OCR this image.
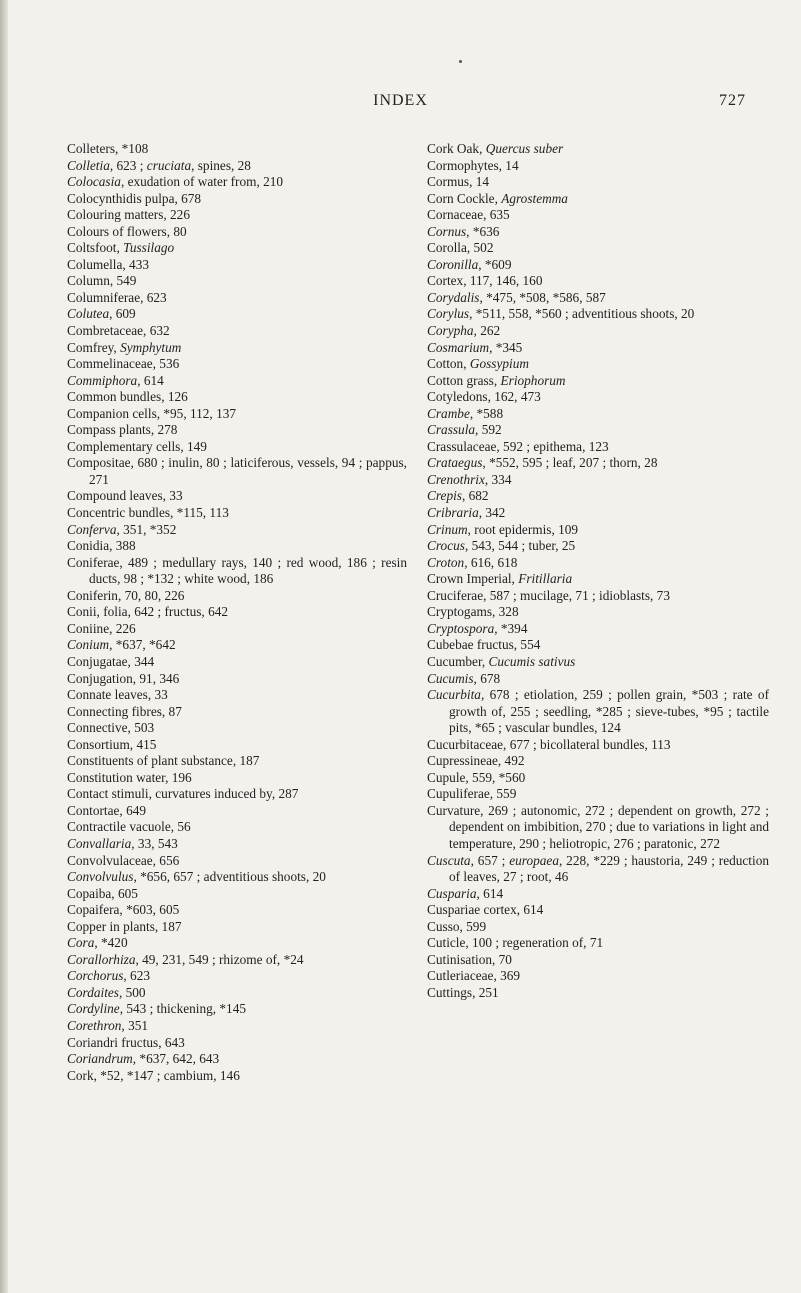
INDEX	727
Colleters, *108
Colletia, 623 ; cruciata, spines, 28
Colocasia, exudation of water from, 210
Colocynthidis pulpa, 678
Colouring matters, 226
Colours of flowers, 80
Coltsfoot, Tussilago
Columella, 433
Column, 549
Columniferae, 623
Colutea, 609
Combretaceae, 632
Comfrey, Symphytum
Commelinaceae, 536
Commiphora, 614
Common bundles, 126
Companion cells, *95, 112, 137
Compass plants, 278
Complementary cells, 149
Compositae, 680 ; inulin, 80 ; laticiferous, vessels, 94 ; pappus, 271
Compound leaves, 33
Concentric bundles, *115, 113
Conferva, 351, *352
Conidia, 388
Coniferae, 489 ; medullary rays, 140 ; red wood, 186 ; resin ducts, 98 ; *132 ; white wood, 186
Coniferin, 70, 80, 226
Conii, folia, 642 ; fructus, 642
Coniine, 226
Conium, *637, *642
Conjugatae, 344
Conjugation, 91, 346
Connate leaves, 33
Connecting fibres, 87
Connective, 503
Consortium, 415
Constituents of plant substance, 187
Constitution water, 196
Contact stimuli, curvatures induced by, 287
Contortae, 649
Contractile vacuole, 56
Convallaria, 33, 543
Convolvulaceae, 656
Convolvulus, *656, 657 ; adventitious shoots, 20
Copaiba, 605
Copaifera, *603, 605
Copper in plants, 187
Cora, *420
Corallorhiza, 49, 231, 549 ; rhizome of, *24
Corchorus, 623
Cordaites, 500
Cordyline, 543 ; thickening, *145
Corethron, 351
Coriandri fructus, 643
Coriandrum, *637, 642, 643
Cork, *52, *147 ; cambium, 146
Cork Oak, Quercus suber
Cormophytes, 14
Cormus, 14
Corn Cockle, Agrostemma
Cornaceae, 635
Cornus, *636
Corolla, 502
Coronilla, *609
Cortex, 117, 146, 160
Corydalis, *475, *508, *586, 587
Corylus, *511, 558, *560 ; adventitious shoots, 20
Corypha, 262
Cosmarium, *345
Cotton, Gossypium
Cotton grass, Eriophorum
Cotyledons, 162, 473
Crambe, *588
Crassula, 592
Crassulaceae, 592 ; epithema, 123
Crataegus, *552, 595 ; leaf, 207 ; thorn, 28
Crenothrix, 334
Crepis, 682
Cribraria, 342
Crinum, root epidermis, 109
Crocus, 543, 544 ; tuber, 25
Croton, 616, 618
Crown Imperial, Fritillaria
Cruciferae, 587 ; mucilage, 71 ; idioblasts, 73
Cryptogams, 328
Cryptospora, *394
Cubebae fructus, 554
Cucumber, Cucumis sativus
Cucumis, 678
Cucurbita, 678 ; etiolation, 259 ; pollen grain, *503 ; rate of growth of, 255 ; seedling, *285 ; sieve-tubes, *95 ; tactile pits, *65 ; vascular bundles, 124
Cucurbitaceae, 677 ; bicollateral bundles, 113
Cupressineae, 492
Cupule, 559, *560
Cupuliferae, 559
Curvature, 269 ; autonomic, 272 ; dependent on growth, 272 ; dependent on imbibition, 270 ; due to variations in light and temperature, 290 ; heliotropic, 276 ; paratonic, 272
Cuscuta, 657 ; europaea, 228, *229 ; haustoria, 249 ; reduction of leaves, 27 ; root, 46
Cusparia, 614
Cuspariae cortex, 614
Cusso, 599
Cuticle, 100 ; regeneration of, 71
Cutinisation, 70
Cutleriaceae, 369
Cuttings, 251
